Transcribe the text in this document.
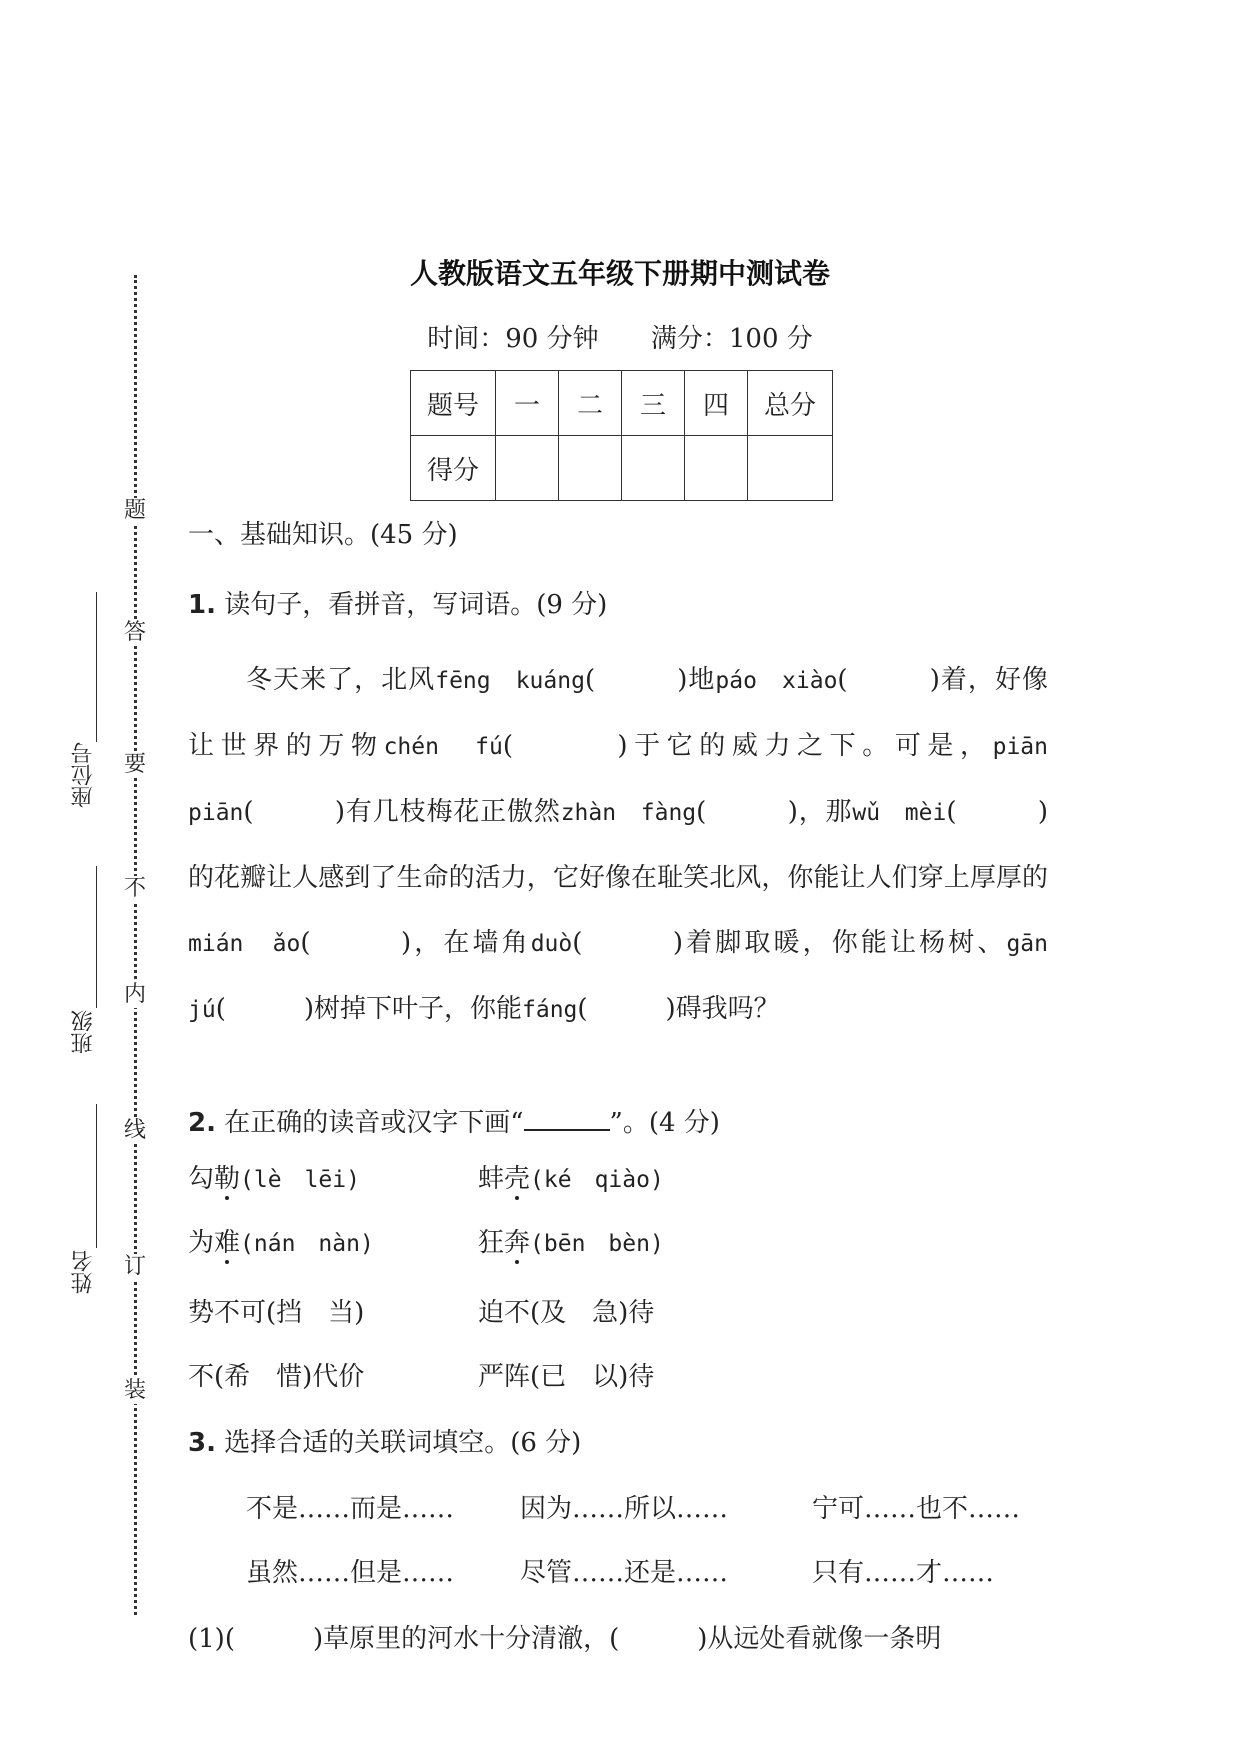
题
答
要
不
内
线
订
装
座位号
班级
姓名
人教版语文五年级下册期中测试卷
时间：90 分钟 满分：100 分
题号	一	二	三	四	总分
得分					
一、基础知识。(45 分)
1. 读句子，看拼音，写词语。(9 分)
冬天来了，北风fēng　kuáng(　　　)地páo　xiào(　　　)着，好像让世界的万物chén　fú(　　　)于它的威力之下。可是，piān　piān(　　　)有几枝梅花正傲然zhàn　fàng(　　　)，那wǔ　mèi(　　　)的花瓣让人感到了生命的活力，它好像在耻笑北风，你能让人们穿上厚厚的mián　ǎo(　　　)，在墙角duò(　　　)着脚取暖，你能让杨树、gān　jú(　　　)树掉下叶子，你能fáng(　　　)碍我吗？
2. 在正确的读音或汉字下画“	”。(4 分)
勾勒(lè　lēi)	蚌壳(ké　qiào)
为难(nán　nàn)	狂奔(bēn　bèn)
势不可(挡　当)	迫不(及　急)待
不(希　惜)代价	严阵(已　以)待
3. 选择合适的关联词填空。(6 分)
不是……而是……	因为……所以……	宁可……也不……
虽然……但是……	尽管……还是……	只有……才……
(1)(　　　)草原里的河水十分清澈，(　　　)从远处看就像一条明
